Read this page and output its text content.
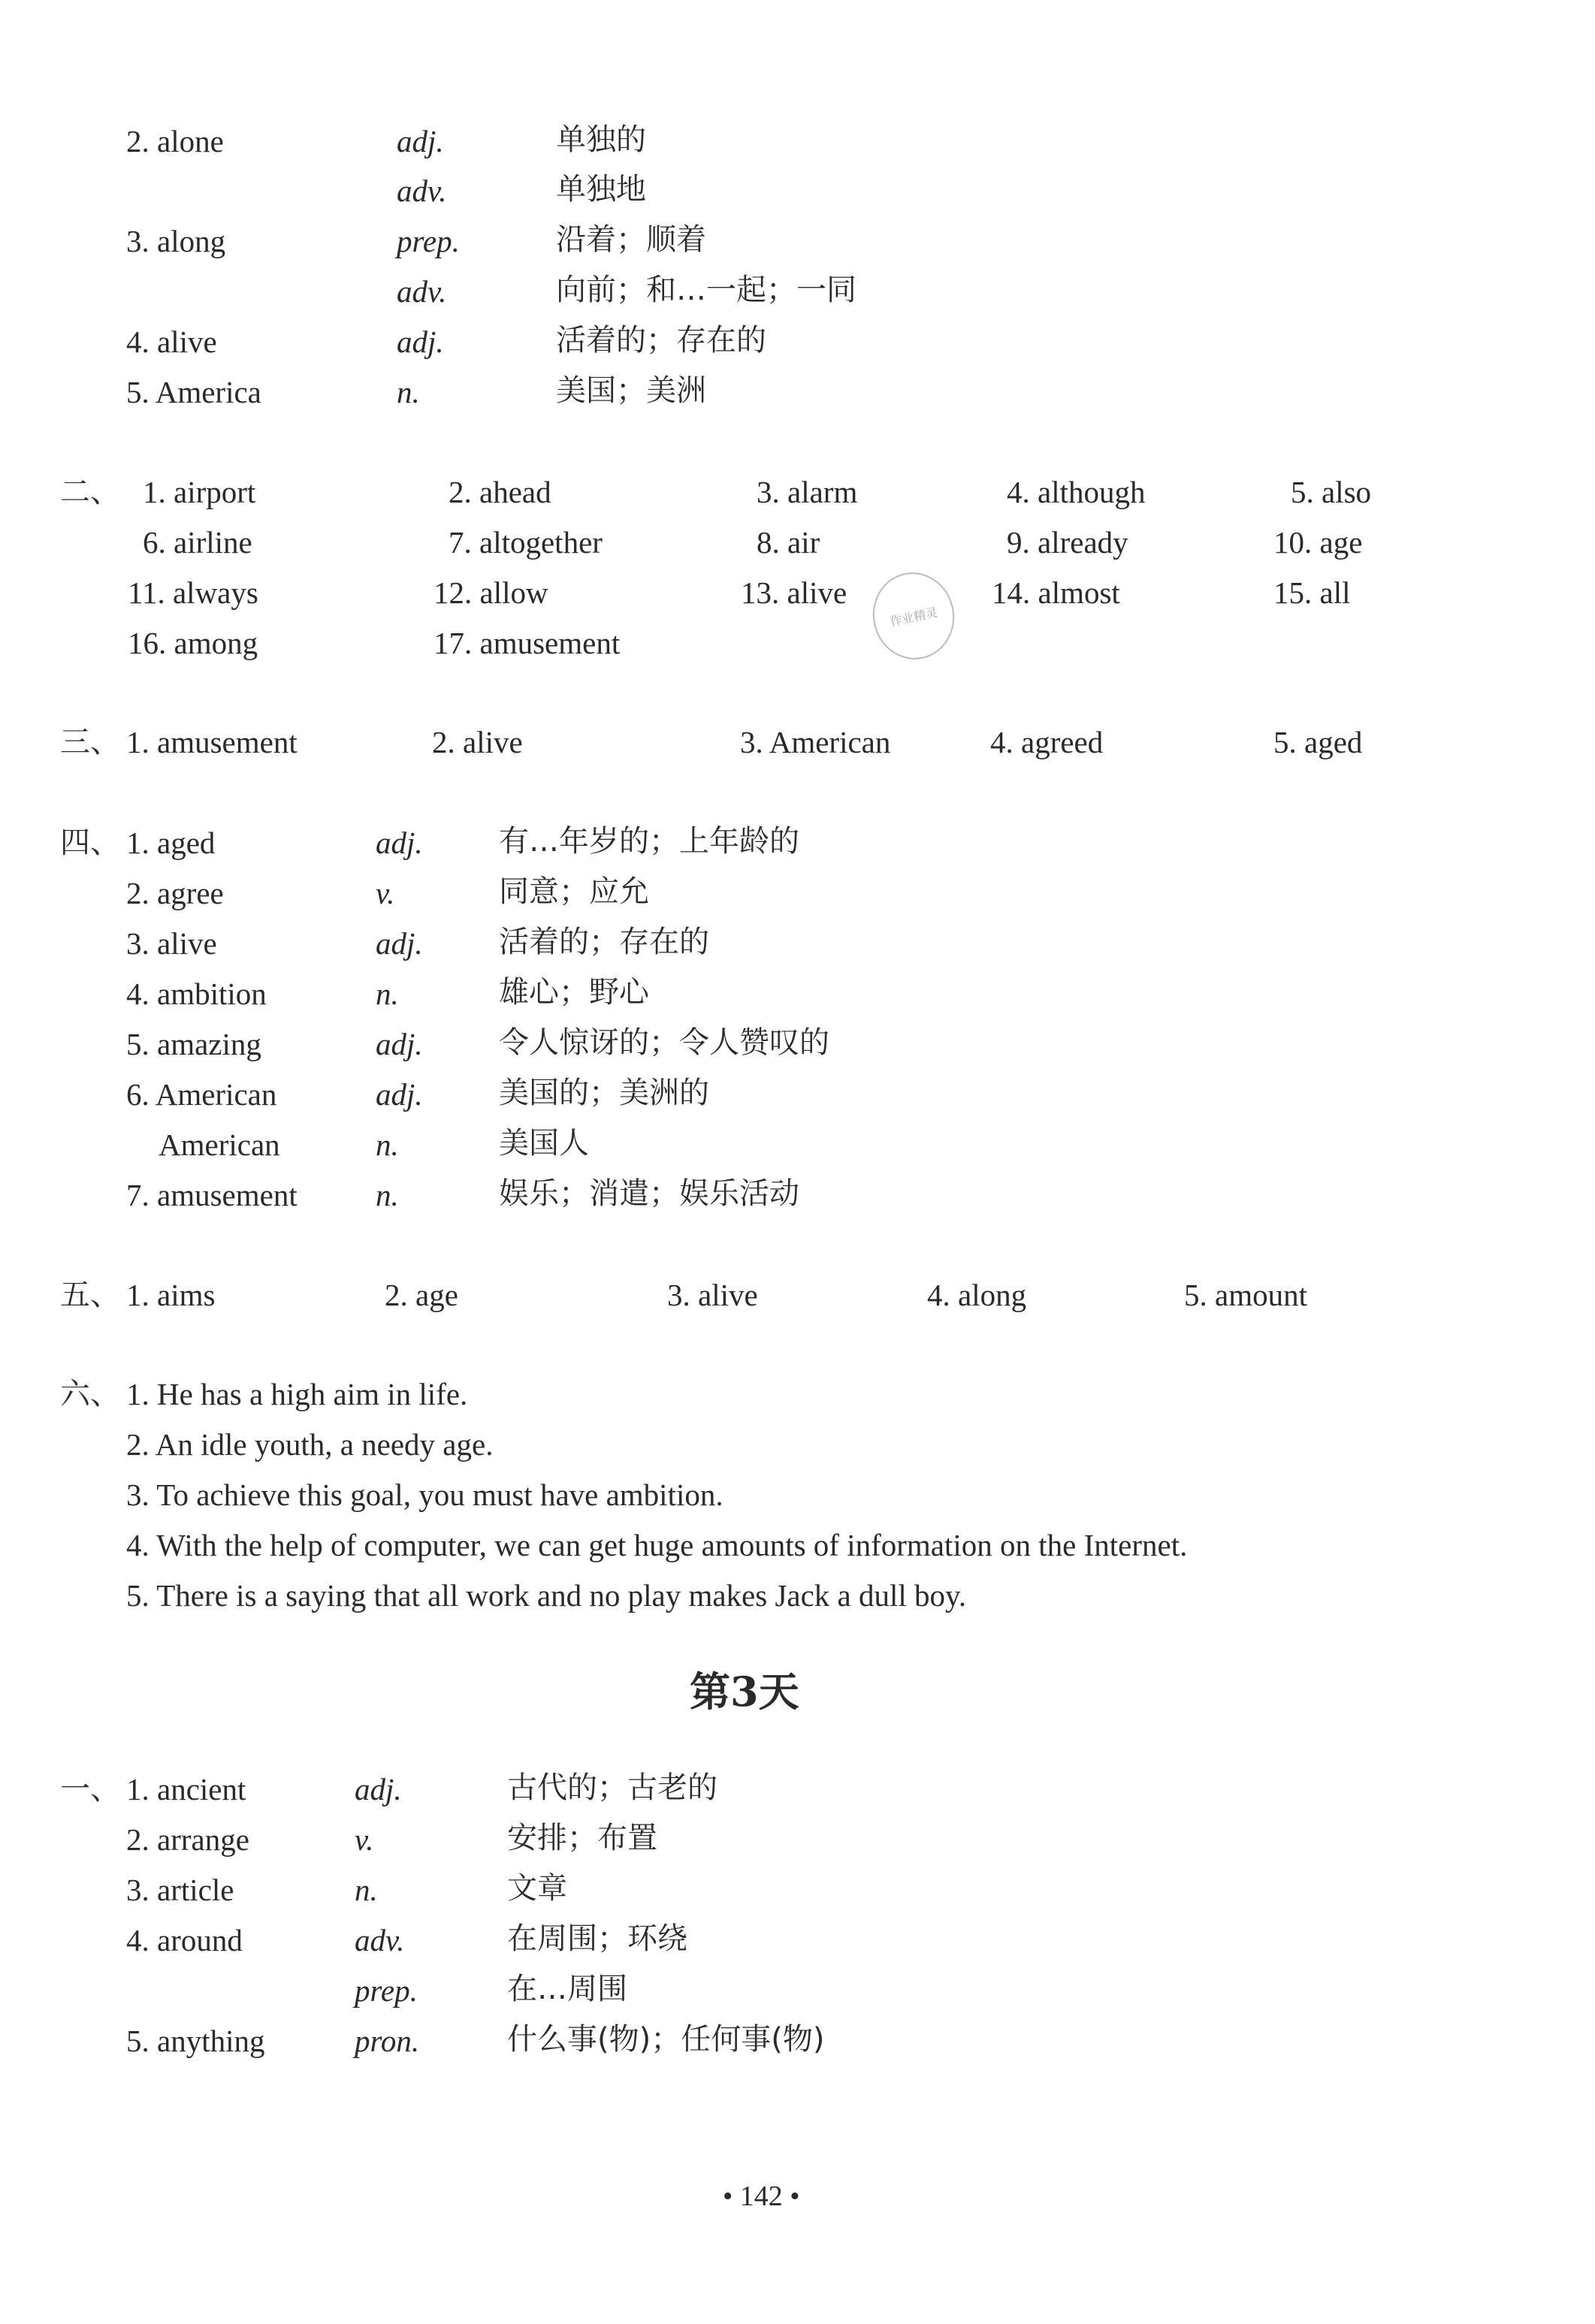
2. alone	adj.	单独的
adv.	单独地
3. along	prep.	沿着；顺着
adv.	向前；和…一起；一同
4. alive	adj.	活着的；存在的
5. America	n.	美国；美洲
二、 1. airport	2. ahead	3. alarm	4. although	5. also
6. airline	7. altogether	8. air	9. already	10. age
11. always	12. allow	13. alive	14. almost	15. all
16. among	17. amusement
作业精灵
三、 1. amusement	2. alive	3. American	4. agreed	5. aged
四、 1. aged	adj.	有…年岁的；上年龄的
2. agree	v.	同意；应允
3. alive	adj.	活着的；存在的
4. ambition	n.	雄心；野心
5. amazing	adj.	令人惊讶的；令人赞叹的
6. American	adj.	美国的；美洲的
American	n.	美国人
7. amusement	n.	娱乐；消遣；娱乐活动
五、 1. aims	2. age	3. alive	4. along	5. amount
六、 1. He has a high aim in life.
2. An idle youth, a needy age.
3. To achieve this goal, you must have ambition.
4. With the help of computer, we can get huge amounts of information on the Internet.
5. There is a saying that all work and no play makes Jack a dull boy.
第3天
一、 1. ancient	adj.	古代的；古老的
2. arrange	v.	安排；布置
3. article	n.	文章
4. around	adv.	在周围；环绕
prep.	在…周围
5. anything	pron.	什么事(物)；任何事(物)
• 142 •
